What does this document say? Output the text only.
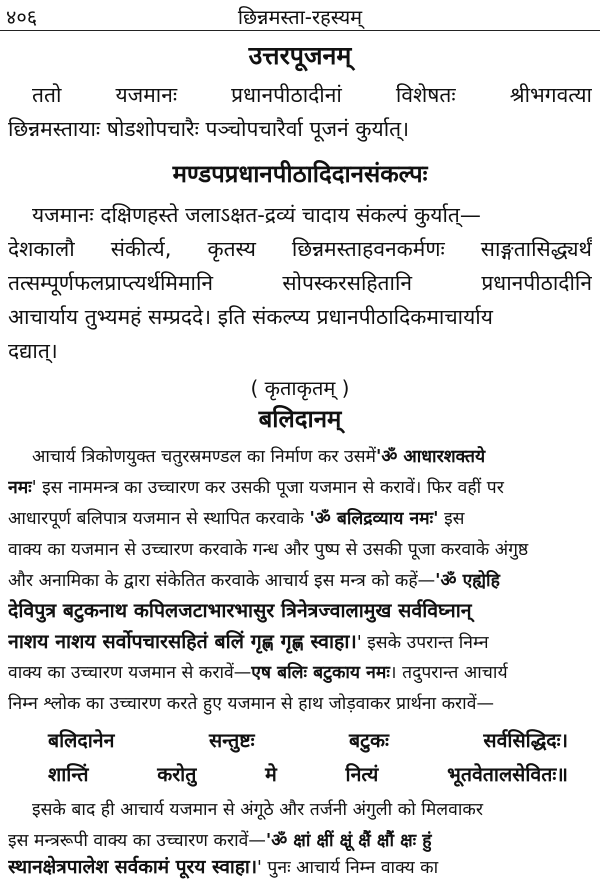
४०६	छिन्नमस्ता-रहस्यम्
उत्तरपूजनम्
ततो	यजमानः	प्रधानपीठादीनां	विशेषतः	श्रीभगवत्या
छिन्नमस्तायाः षोडशोपचारैः पञ्चोपचारैर्वा पूजनं कुर्यात्।
मण्डपप्रधानपीठादिदानसंकल्पः
यजमानः दक्षिणहस्ते जलाऽक्षत-द्रव्यं चादाय संकल्पं कुर्यात्—
देशकालौ संकीर्त्य, कृतस्य छिन्नमस्ताहवनकर्मणः साङ्गतासिद्ध्यर्थं
तत्सम्पूर्णफलप्राप्त्यर्थमिमानि	सोपस्करसहितानि	प्रधानपीठादीनि
आचार्याय तुभ्यमहं सम्प्रददे। इति संकल्प्य प्रधानपीठादिकमाचार्याय
दद्यात्।
( कृताकृतम् )
बलिदानम्
आचार्य त्रिकोणयुक्त चतुरस्रमण्डल का निर्माण कर उसमें'ॐ आधारशक्तये
नमः' इस नाममन्त्र का उच्चारण कर उसकी पूजा यजमान से करावें। फिर वहीं पर
आधारपूर्ण बलिपात्र यजमान से स्थापित करवाके 'ॐ बलिद्रव्याय नमः' इस
वाक्य का यजमान से उच्चारण करवाके गन्ध और पुष्प से उसकी पूजा करवाके अंगुष्ठ
और अनामिका के द्वारा संकेतित करवाके आचार्य इस मन्त्र को कहें—'ॐ एह्येहि
देविपुत्र बटुकनाथ कपिलजटाभारभासुर त्रिनेत्रज्वालामुख सर्वविघ्नान्
नाशय नाशय सर्वोपचारसहितं बलिं गृह्ण गृह्ण स्वाहा।' इसके उपरान्त निम्न
वाक्य का उच्चारण यजमान से करावें—एष बलिः बटुकाय नमः। तदुपरान्त आचार्य
निम्न श्लोक का उच्चारण करते हुए यजमान से हाथ जोड़वाकर प्रार्थना करावें—
बलिदानेन	सन्तुष्टः	बटुकः	सर्वसिद्धिदः।
शान्तिं	करोतु	मे	नित्यं	भूतवेतालसेवितः॥
इसके बाद ही आचार्य यजमान से अंगूठे और तर्जनी अंगुली को मिलवाकर
इस मन्त्ररूपी वाक्य का उच्चारण करावें—'ॐ क्षां क्षीं क्षूं क्षैं क्षौं क्षः हुं
स्थानक्षेत्रपालेश सर्वकामं पूरय स्वाहा।' पुनः आचार्य निम्न वाक्य का
